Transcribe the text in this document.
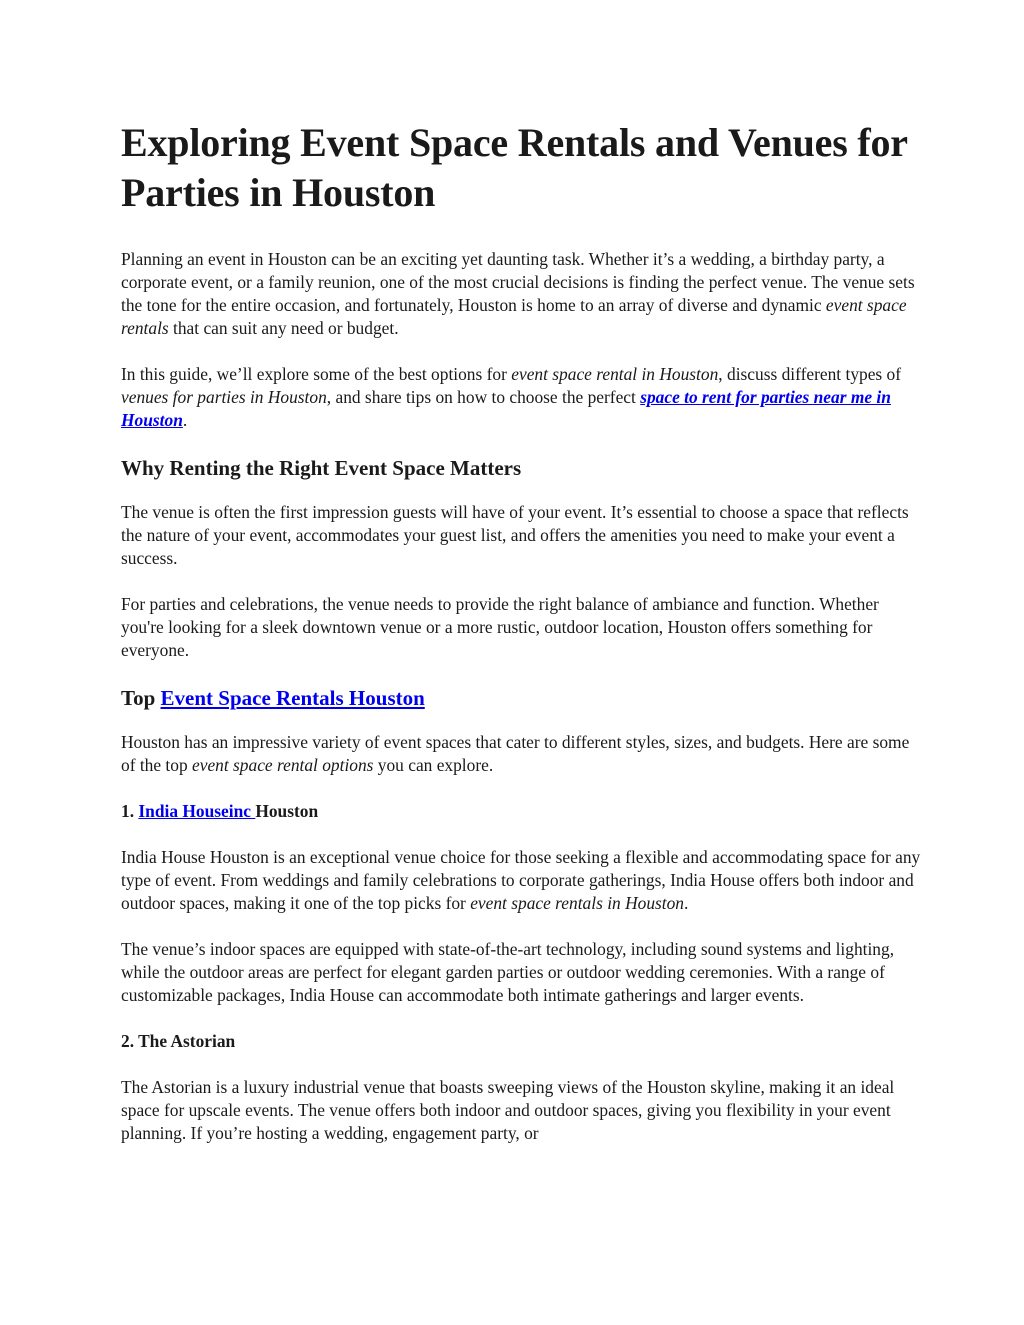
Exploring Event Space Rentals and Venues for Parties in Houston

Planning an event in Houston can be an exciting yet daunting task. Whether it’s a wedding, a birthday party, a corporate event, or a family reunion, one of the most crucial decisions is finding the perfect venue. The venue sets the tone for the entire occasion, and fortunately, Houston is home to an array of diverse and dynamic event space rentals that can suit any need or budget.

In this guide, we’ll explore some of the best options for event space rental in Houston, discuss different types of venues for parties in Houston, and share tips on how to choose the perfect space to rent for parties near me in Houston.

Why Renting the Right Event Space Matters

The venue is often the first impression guests will have of your event. It’s essential to choose a space that reflects the nature of your event, accommodates your guest list, and offers the amenities you need to make your event a success.

For parties and celebrations, the venue needs to provide the right balance of ambiance and function. Whether you're looking for a sleek downtown venue or a more rustic, outdoor location, Houston offers something for everyone.

Top Event Space Rentals Houston

Houston has an impressive variety of event spaces that cater to different styles, sizes, and budgets. Here are some of the top event space rental options you can explore.

1. India Houseinc Houston

India House Houston is an exceptional venue choice for those seeking a flexible and accommodating space for any type of event. From weddings and family celebrations to corporate gatherings, India House offers both indoor and outdoor spaces, making it one of the top picks for event space rentals in Houston.

The venue’s indoor spaces are equipped with state-of-the-art technology, including sound systems and lighting, while the outdoor areas are perfect for elegant garden parties or outdoor wedding ceremonies. With a range of customizable packages, India House can accommodate both intimate gatherings and larger events.

2. The Astorian

The Astorian is a luxury industrial venue that boasts sweeping views of the Houston skyline, making it an ideal space for upscale events. The venue offers both indoor and outdoor spaces, giving you flexibility in your event planning. If you’re hosting a wedding, engagement party, or
